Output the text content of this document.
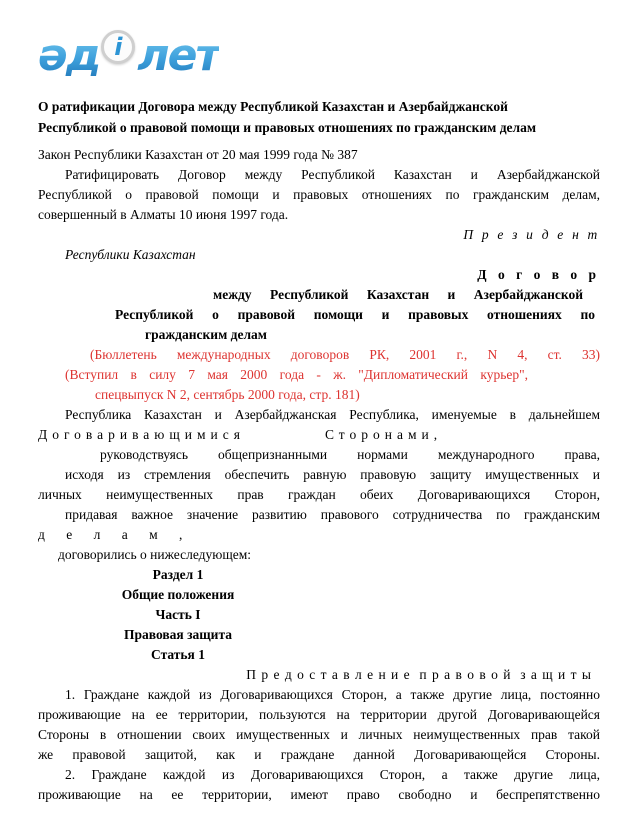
әд і лет
О ратификации Договора между Республикой Казахстан и Азербайджанской
Республикой о правовой помощи и правовых отношениях по гражданским делам
Закон Республики Казахстан от 20 мая 1999 года № 387
Ратифицировать Договор между Республикой Казахстан и Азербайджанской
Республикой о правовой помощи и правовых отношениях по гражданским делам,
совершенный в Алматы 10 июня 1997 года.
П р е з и д е н т
Республики Казахстан
Д о г о в о р
между Республикой Казахстан и Азербайджанской
Республикой о правовой помощи и правовых отношениях по
гражданским делам
(Бюллетень международных договоров РК, 2001 г., N 4, ст. 33)
(Вступил в силу 7 мая 2000 года - ж. "Дипломатический курьер",
спецвыпуск N 2, сентябрь 2000 года, стр. 181)
Республика Казахстан и Азербайджанская Республика, именуемые в дальнейшем
Договаривающимися	Сторонами,
руководствуясь общепризнанными нормами международного права,
исходя из стремления обеспечить равную правовую защиту имущественных и
личных неимущественных прав граждан обеих Договаривающихся Сторон,
придавая важное значение развитию правового сотрудничества по гражданским
д е л а м ,
договорились о нижеследующем:
Раздел 1
Общие положения
Часть I
Правовая защита
Статья 1
П р е д о с т а в л е н и е  п р а в о в о й  з а щ и т ы
1. Граждане каждой из Договаривающихся Сторон, а также другие лица, постоянно
проживающие на ее территории, пользуются на территории другой Договаривающейся
Стороны в отношении своих имущественных и личных неимущественных прав такой
же правовой защитой, как и граждане данной Договаривающейся Стороны.
2. Граждане каждой из Договаривающихся Сторон, а также другие лица,
проживающие на ее территории, имеют право свободно и беспрепятственно
